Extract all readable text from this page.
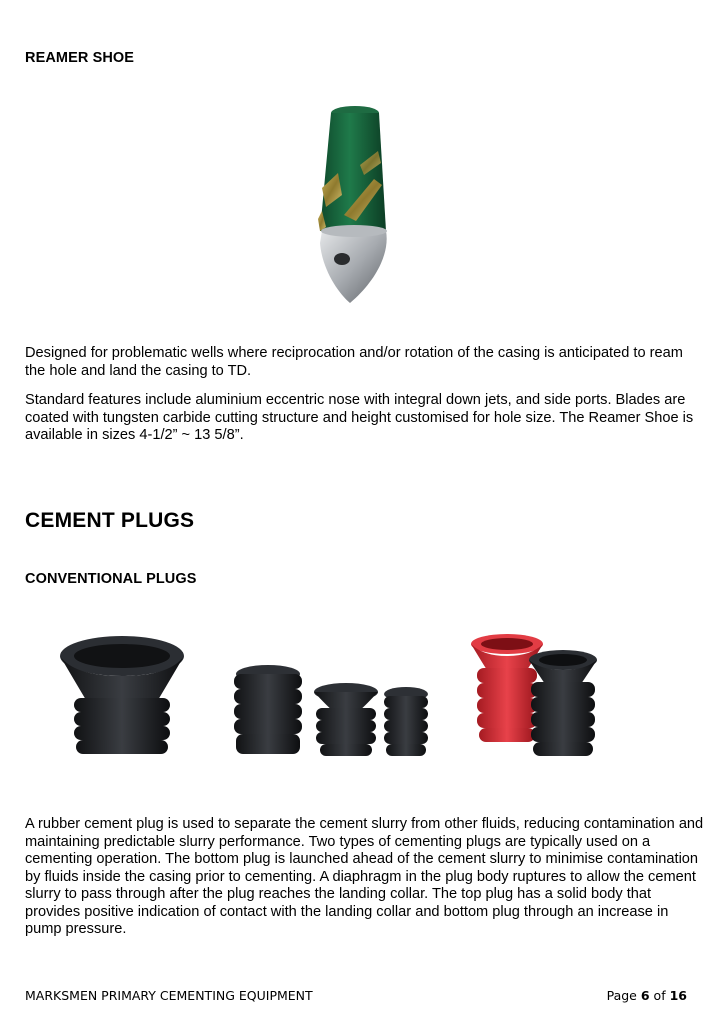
REAMER SHOE

Designed for problematic wells where reciprocation and/or rotation of the casing is anticipated to ream the hole and land the casing to TD.

Standard features include aluminium eccentric nose with integral down jets, and side ports. Blades are coated with tungsten carbide cutting structure and height customised for hole size. The Reamer Shoe is available in sizes 4-1/2” ~ 13 5/8”.

CEMENT PLUGS
CONVENTIONAL PLUGS

A rubber cement plug is used to separate the cement slurry from other fluids, reducing contamination and maintaining predictable slurry performance. Two types of cementing plugs are typically used on a cementing operation. The bottom plug is launched ahead of the cement slurry to minimise contamination by fluids inside the casing prior to cementing. A diaphragm in the plug body ruptures to allow the cement slurry to pass through after the plug reaches the landing collar. The top plug has a solid body that provides positive indication of contact with the landing collar and bottom plug through an increase in pump pressure.

MARKSMEN PRIMARY CEMENTING EQUIPMENT	Page 6 of 16
